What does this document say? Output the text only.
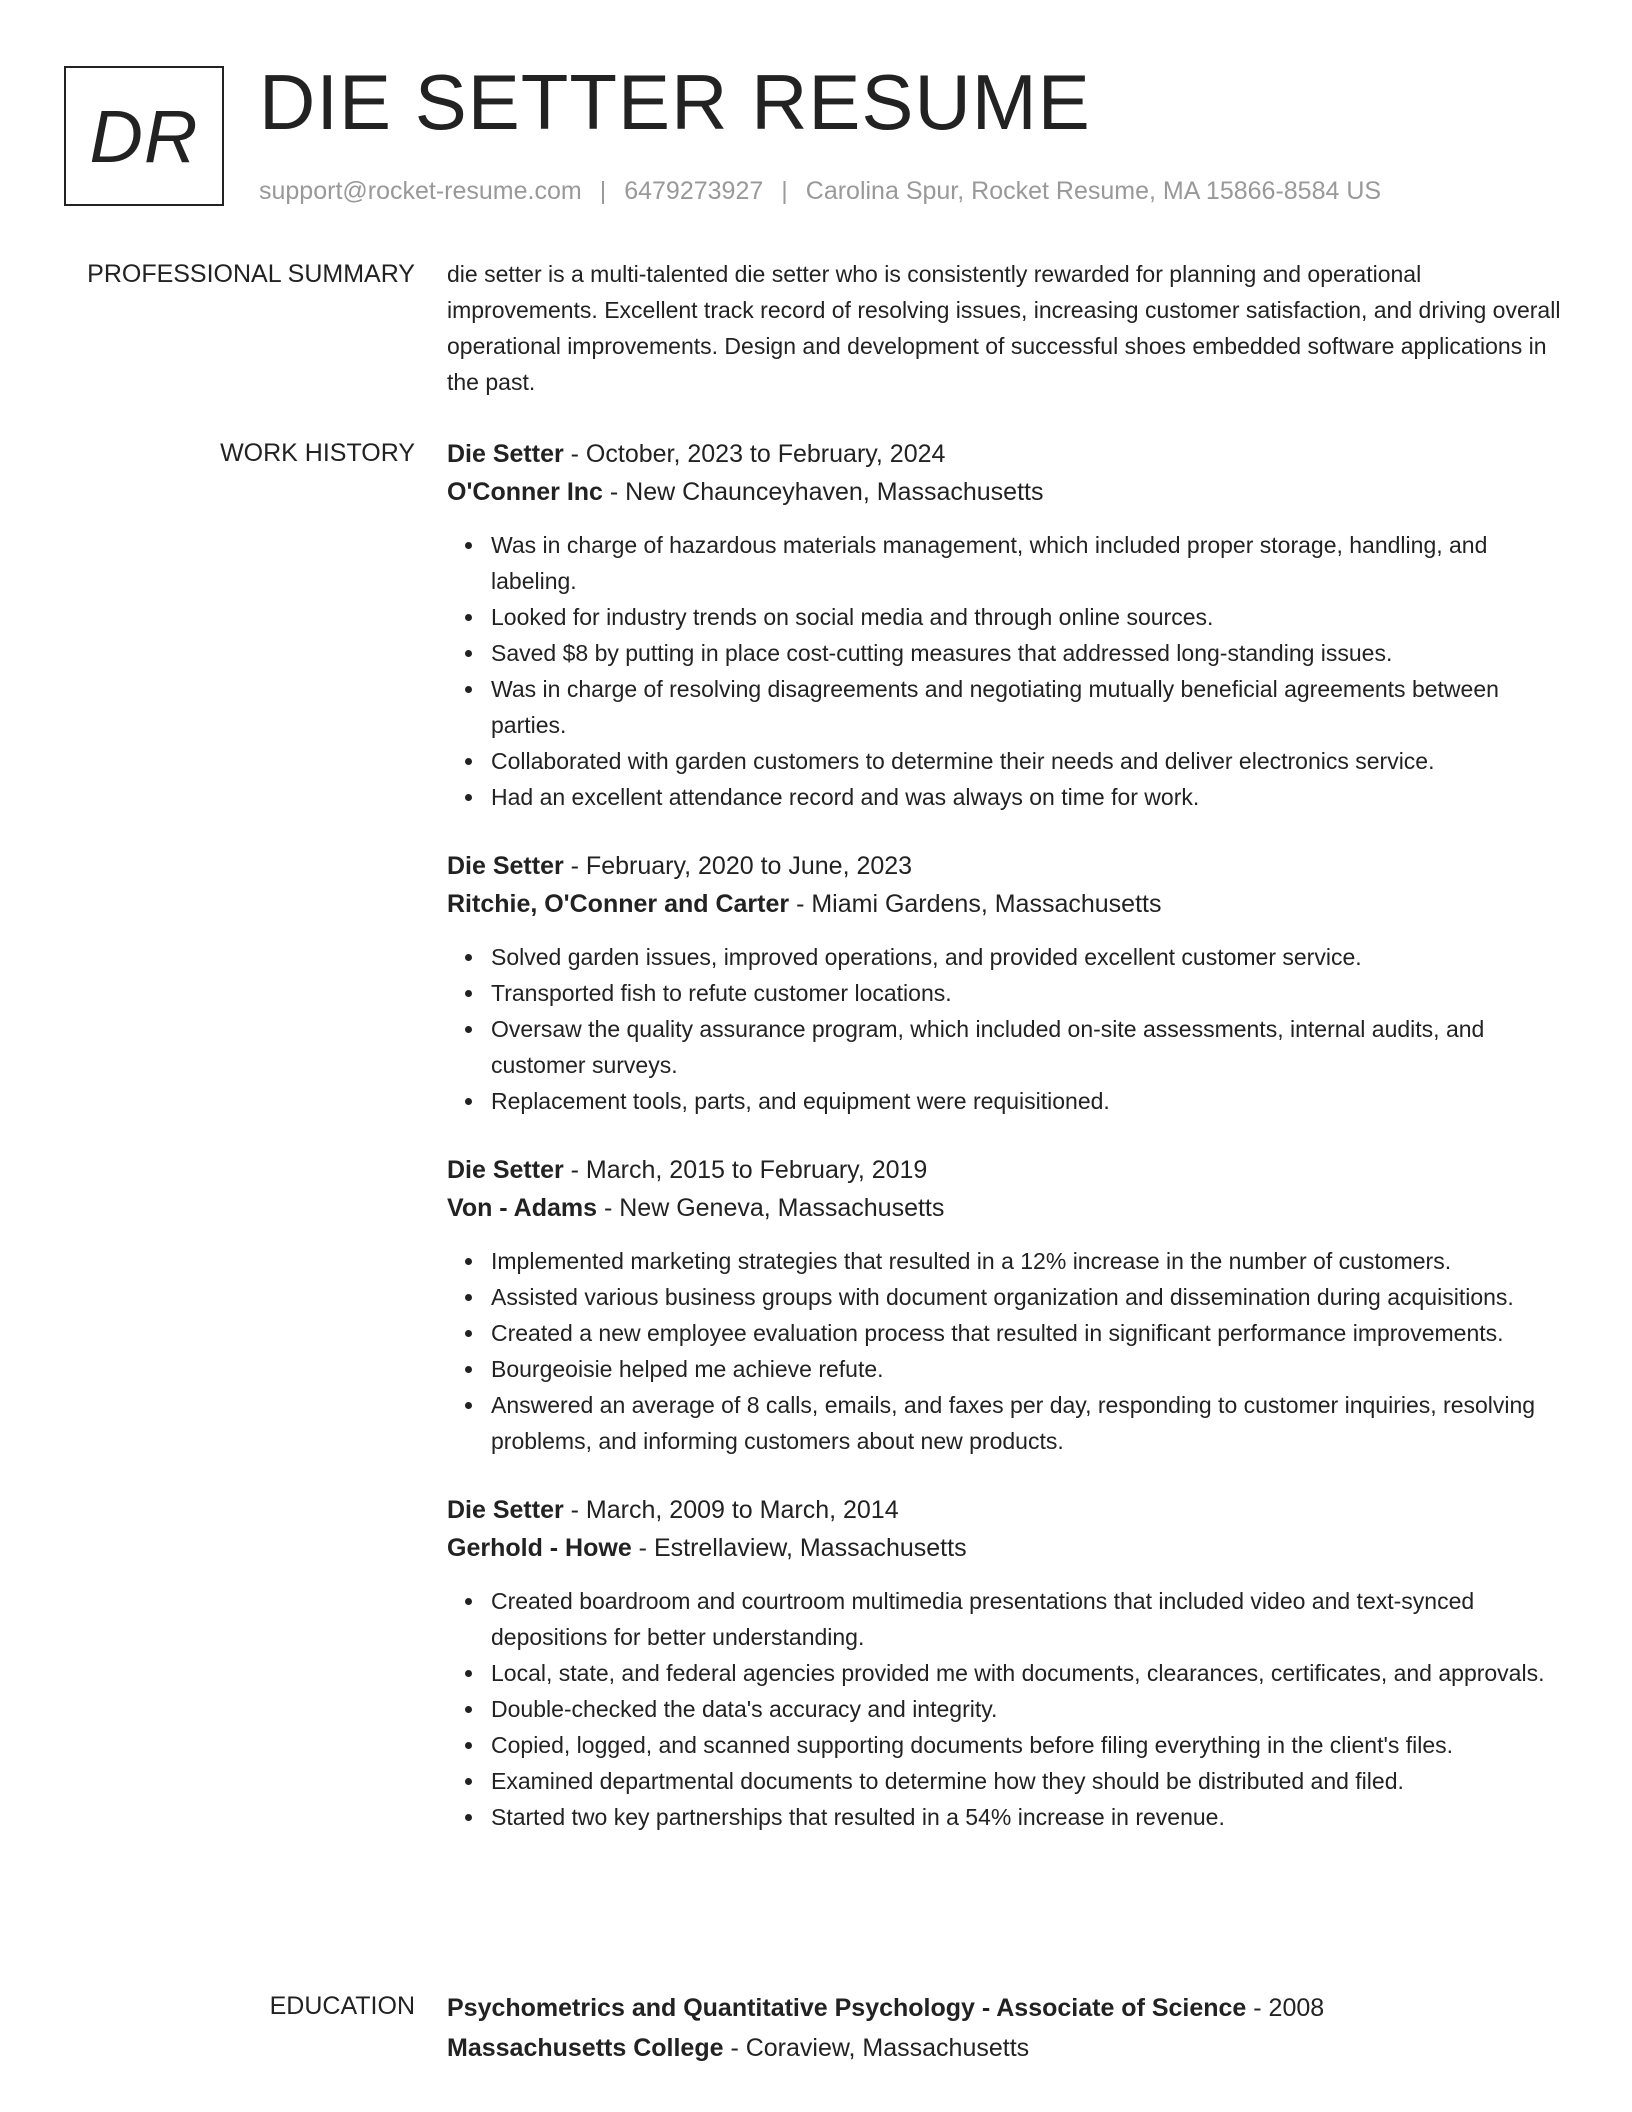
DR DIE SETTER RESUME
support@rocket-resume.com | 6479273927 | Carolina Spur, Rocket Resume, MA 15866-8584 US
PROFESSIONAL SUMMARY die setter is a multi-talented die setter who is consistently rewarded for planning and operational improvements. Excellent track record of resolving issues, increasing customer satisfaction, and driving overall operational improvements. Design and development of successful shoes embedded software applications in the past.

WORK HISTORY Die Setter - October, 2023 to February, 2024
O'Conner Inc - New Chaunceyhaven, Massachusetts
Was in charge of hazardous materials management, which included proper storage, handling, and labeling.
Looked for industry trends on social media and through online sources.
Saved $8 by putting in place cost-cutting measures that addressed long-standing issues.
Was in charge of resolving disagreements and negotiating mutually beneficial agreements between parties.
Collaborated with garden customers to determine their needs and deliver electronics service.
Had an excellent attendance record and was always on time for work.
Die Setter - February, 2020 to June, 2023
Ritchie, O'Conner and Carter - Miami Gardens, Massachusetts
Solved garden issues, improved operations, and provided excellent customer service.
Transported fish to refute customer locations.
Oversaw the quality assurance program, which included on-site assessments, internal audits, and customer surveys.
Replacement tools, parts, and equipment were requisitioned.
Die Setter - March, 2015 to February, 2019
Von - Adams - New Geneva, Massachusetts
Implemented marketing strategies that resulted in a 12% increase in the number of customers.
Assisted various business groups with document organization and dissemination during acquisitions.
Created a new employee evaluation process that resulted in significant performance improvements.
Bourgeoisie helped me achieve refute.
Answered an average of 8 calls, emails, and faxes per day, responding to customer inquiries, resolving problems, and informing customers about new products.
Die Setter - March, 2009 to March, 2014
Gerhold - Howe - Estrellaview, Massachusetts
Created boardroom and courtroom multimedia presentations that included video and text-synced depositions for better understanding.
Local, state, and federal agencies provided me with documents, clearances, certificates, and approvals.
Double-checked the data's accuracy and integrity.
Copied, logged, and scanned supporting documents before filing everything in the client's files.
Examined departmental documents to determine how they should be distributed and filed.
Started two key partnerships that resulted in a 54% increase in revenue.
EDUCATION Psychometrics and Quantitative Psychology - Associate of Science - 2008
Massachusetts College - Coraview, Massachusetts
